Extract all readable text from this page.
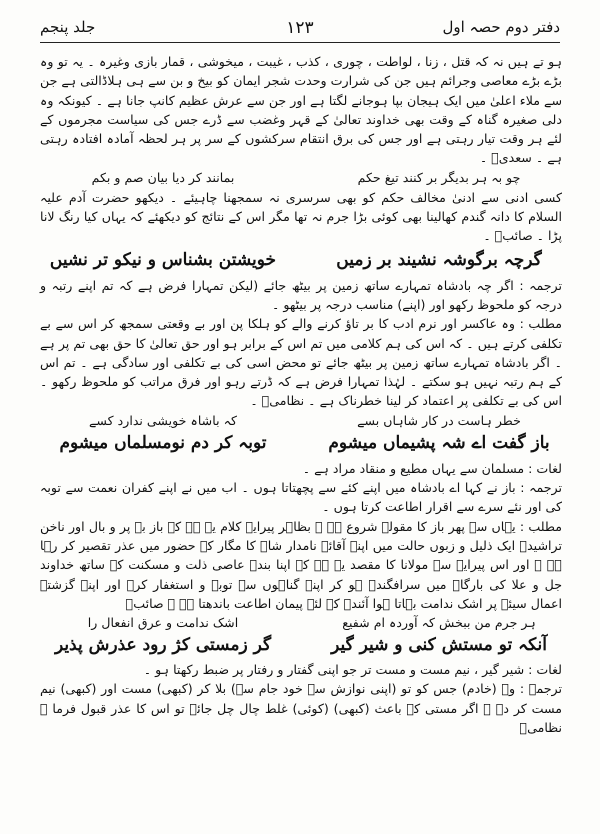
دفتر دوم حصہ اول
۱۲۳
جلد پنجم

ہو تے ہیں نہ کہ قتل ، زنا ، لواطت ، چوری ، کذب ، غیبت ، میخوشی ، قمار بازی وغیرہ ۔ یہ تو وہ بڑے بڑے معاصی وجرائم ہیں جن کی شرارت وحدت شجر ایمان کو بیخ و بن سے ہی ہلاڈالتی ہے جن سے ملاء اعلیٰ میں ایک ہیجان بپا ہوجانے لگتا ہے اور جن سے عرش عظیم کانپ جانا ہے ۔ کیونکہ وہ دلی صغیرہ گناہ کے وقت بھی خداوند تعالیٰ کے قہر وغضب سے ڈرے جس کی سیاست مجرموں کے لئے ہر وقت تیار رہتی ہے اور جس کی برق انتقام سرکشوں کے سر پر ہر لحظہ آمادہ افتادہ رہتی ہے ۔ سعدیؒ ۔

چو بہ ہر بدیگر بر کنند تیغ حکم
بمانند کر دیا بیان صم و بکم

کسی ادنی سے ادنیٰ مخالف حکم کو بھی سرسری نہ سمجھنا چاہیئے ۔ دیکھو حضرت آدم علیہ السلام کا دانہ گندم کھالینا بھی کوئی بڑا جرم نہ تھا مگر اس کے نتائج کو دیکھئے کہ یہاں کیا رنگ لانا پڑا ۔ صائبؒ ۔

گرچہ برگوشہ نشیند بر زمیں
خویشتن بشناس و نیکو تر نشیں

ترجمہ : اگر چہ بادشاہ تمہارے ساتھ زمین پر بیٹھ جائے (لیکن تمہارا فرض ہے کہ تم اپنے رتبہ و درجہ کو ملحوظ رکھو اور (اپنے) مناسب درجہ پر بیٹھو ۔

مطلب : وہ عاکسر اور نرم ادب کا بر تاؤ کرنے والے کو ہلکا پن اور بے وقعتی سمجھ کر اس سے بے تکلفی کرتے ہیں ۔ کہ اس کی ہم کلامی میں تم اس کے برابر ہو اور حق تعالیٰ کا حق بھی تم پر ہے ۔ اگر بادشاہ تمہارے ساتھ زمین پر بیٹھ جائے تو محض اسی کی بے تکلفی اور سادگی ہے ۔ تم اس کے ہم رتبہ نہیں ہو سکتے ۔ لہٰذا تمہارا فرض ہے کہ ڈرتے رہو اور فرق مراتب کو ملحوظ رکھو ۔ اس کی بے تکلفی پر اعتماد کر لینا خطرناک ہے ۔ نظامیؒ ۔

خطر ہاست در کار شاہاں بسے
کہ باشاہ خویشی ندارد کسے
باز گفت اے شہ پشیماں میشوم
توبہ کر دم نومسلماں میشوم

لغات : مسلمان سے یہاں مطیع و منقاد مراد ہے ۔

ترجمہ : باز نے کہا اے بادشاہ میں اپنے کئے سے پچھتاتا ہوں ۔ اب میں نے اپنے کفران نعمت سے توبہ کی اور نئے سرے سے اقرار اطاعت کرتا ہوں ۔

مطلب : یہاں سے پھر باز کا مقولہ شروع ہے ۔ بظاہر پیرایہ کلام یہ ہے کہ باز بے پر و بال اور ناخن تراشیدہ ایک ذلیل و زبوں حالت میں اپنے آقائے نامدار شاہ کا مگار کے حضور میں عذر تقصیر کر رہا ہے ۔ اور اس پیرایہ سے مولانا کا مقصد یہ ہے کہ اپنا بندہ عاصی ذلت و مسکنت کے ساتھ خداوند جل و علا کی بارگاہ میں سرافگندہ ہو کر اپنے گناہوں سے توبہ و استغفار کرے اور اپنے گزشتہ اعمال سیئہ پر اشک ندامت بہاتا ہوا آئندہ کے لئے پیمان اطاعت باندھتا ہے ۔ صائبؒ

ہر جرم من ببخش کہ آوردہ ام شفیع
اشک ندامت و عرق انفعال را
آنکہ تو مستش کنی و شیر گیر
گر زمستی کژ رود عذرش پذیر

لغات : شیر گیر ، نیم مست و مست تر جو اپنی گفتار و رفتار پر ضبط رکھتا ہو ۔

ترجمہ : وہ (خادم) جس کو تو (اپنی نوازش سے خود جام سے) بلا کر (کبھی) مست اور (کبھی) نیم مست کر دے ۔ اگر مستی کے باعث (کبھی) (کوئی) غلط چال چل جائے تو اس کا عذر قبول فرما ۔ نظامیؒ
